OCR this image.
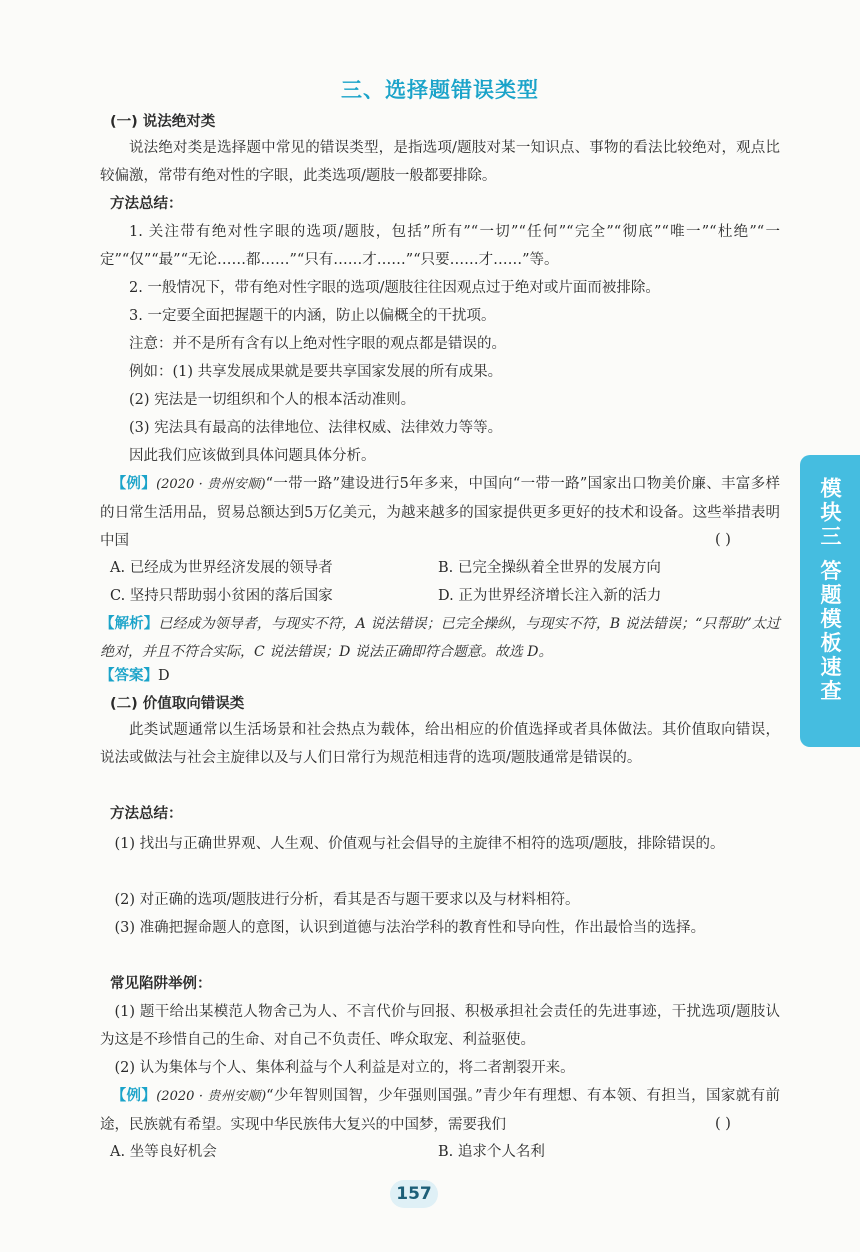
三、选择题错误类型
(一) 说法绝对类
说法绝对类是选择题中常见的错误类型，是指选项/题肢对某一知识点、事物的看法比较绝对，观点比较偏激，常带有绝对性的字眼，此类选项/题肢一般都要排除。
方法总结：
1. 关注带有绝对性字眼的选项/题肢，包括”所有”“一切”“任何”“完全”“彻底”“唯一”“杜绝”“一定”“仅”“最”“无论……都……”“只有……才……”“只要……才……”等。
2. 一般情况下，带有绝对性字眼的选项/题肢往往因观点过于绝对或片面而被排除。
3. 一定要全面把握题干的内涵，防止以偏概全的干扰项。
注意：并不是所有含有以上绝对性字眼的观点都是错误的。
例如：(1) 共享发展成果就是要共享国家发展的所有成果。
(2) 宪法是一切组织和个人的根本活动准则。
(3) 宪法具有最高的法律地位、法律权威、法律效力等等。
因此我们应该做到具体问题具体分析。
【例】(2020 · 贵州安顺)“一带一路”建设进行5年多来，中国向“一带一路”国家出口物美价廉、丰富多样的日常生活用品，贸易总额达到5万亿美元，为越来越多的国家提供更多更好的技术和设备。这些举措表明中国	( )
A. 已经成为世界经济发展的领导者	B. 已完全操纵着全世界的发展方向
C. 坚持只帮助弱小贫困的落后国家	D. 正为世界经济增长注入新的活力
【解析】已经成为领导者，与现实不符，A 说法错误；已完全操纵，与现实不符，B 说法错误；“只帮助”太过绝对，并且不符合实际，C 说法错误；D 说法正确即符合题意。故选 D。
【答案】D
(二) 价值取向错误类
此类试题通常以生活场景和社会热点为载体，给出相应的价值选择或者具体做法。其价值取向错误，说法或做法与社会主旋律以及与人们日常行为规范相违背的选项/题肢通常是错误的。
方法总结：
(1) 找出与正确世界观、人生观、价值观与社会倡导的主旋律不相符的选项/题肢，排除错误的。
(2) 对正确的选项/题肢进行分析，看其是否与题干要求以及与材料相符。
(3) 准确把握命题人的意图，认识到道德与法治学科的教育性和导向性，作出最恰当的选择。
常见陷阱举例：
(1) 题干给出某模范人物舍己为人、不言代价与回报、积极承担社会责任的先进事迹，干扰选项/题肢认为这是不珍惜自己的生命、对自己不负责任、哗众取宠、利益驱使。
(2) 认为集体与个人、集体利益与个人利益是对立的，将二者割裂开来。
【例】(2020 · 贵州安顺)“少年智则国智，少年强则国强。”青少年有理想、有本领、有担当，国家就有前途，民族就有希望。实现中华民族伟大复兴的中国梦，需要我们	( )
A. 坐等良好机会	B. 追求个人名利
模块三 答题模板速查
157
